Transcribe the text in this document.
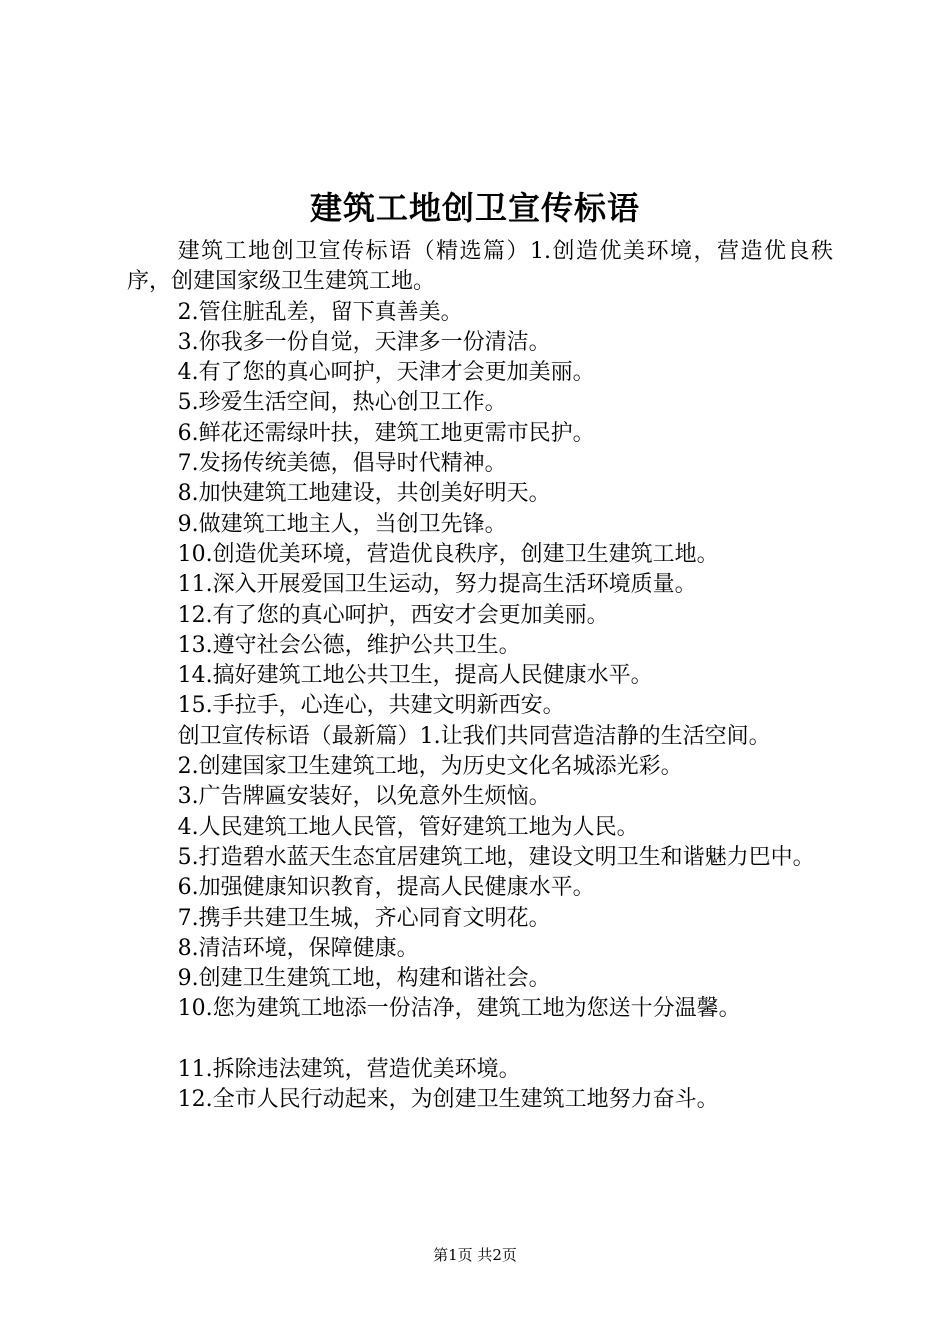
建筑工地创卫宣传标语

建筑工地创卫宣传标语（精选篇）1.创造优美环境，营造优良秩序，创建国家级卫生建筑工地。

2.管住脏乱差，留下真善美。

3.你我多一份自觉，天津多一份清洁。

4.有了您的真心呵护，天津才会更加美丽。

5.珍爱生活空间，热心创卫工作。

6.鲜花还需绿叶扶，建筑工地更需市民护。

7.发扬传统美德，倡导时代精神。

8.加快建筑工地建设，共创美好明天。

9.做建筑工地主人，当创卫先锋。

10.创造优美环境，营造优良秩序，创建卫生建筑工地。

11.深入开展爱国卫生运动，努力提高生活环境质量。

12.有了您的真心呵护，西安才会更加美丽。

13.遵守社会公德，维护公共卫生。

14.搞好建筑工地公共卫生，提高人民健康水平。

15.手拉手，心连心，共建文明新西安。

创卫宣传标语（最新篇）1.让我们共同营造洁静的生活空间。

2.创建国家卫生建筑工地，为历史文化名城添光彩。

3.广告牌匾安装好，以免意外生烦恼。

4.人民建筑工地人民管，管好建筑工地为人民。

5.打造碧水蓝天生态宜居建筑工地，建设文明卫生和谐魅力巴中。

6.加强健康知识教育，提高人民健康水平。

7.携手共建卫生城，齐心同育文明花。

8.清洁环境，保障健康。

9.创建卫生建筑工地，构建和谐社会。

10.您为建筑工地添一份洁净，建筑工地为您送十分温馨。

11.拆除违法建筑，营造优美环境。

12.全市人民行动起来，为创建卫生建筑工地努力奋斗。

第1页 共2页
